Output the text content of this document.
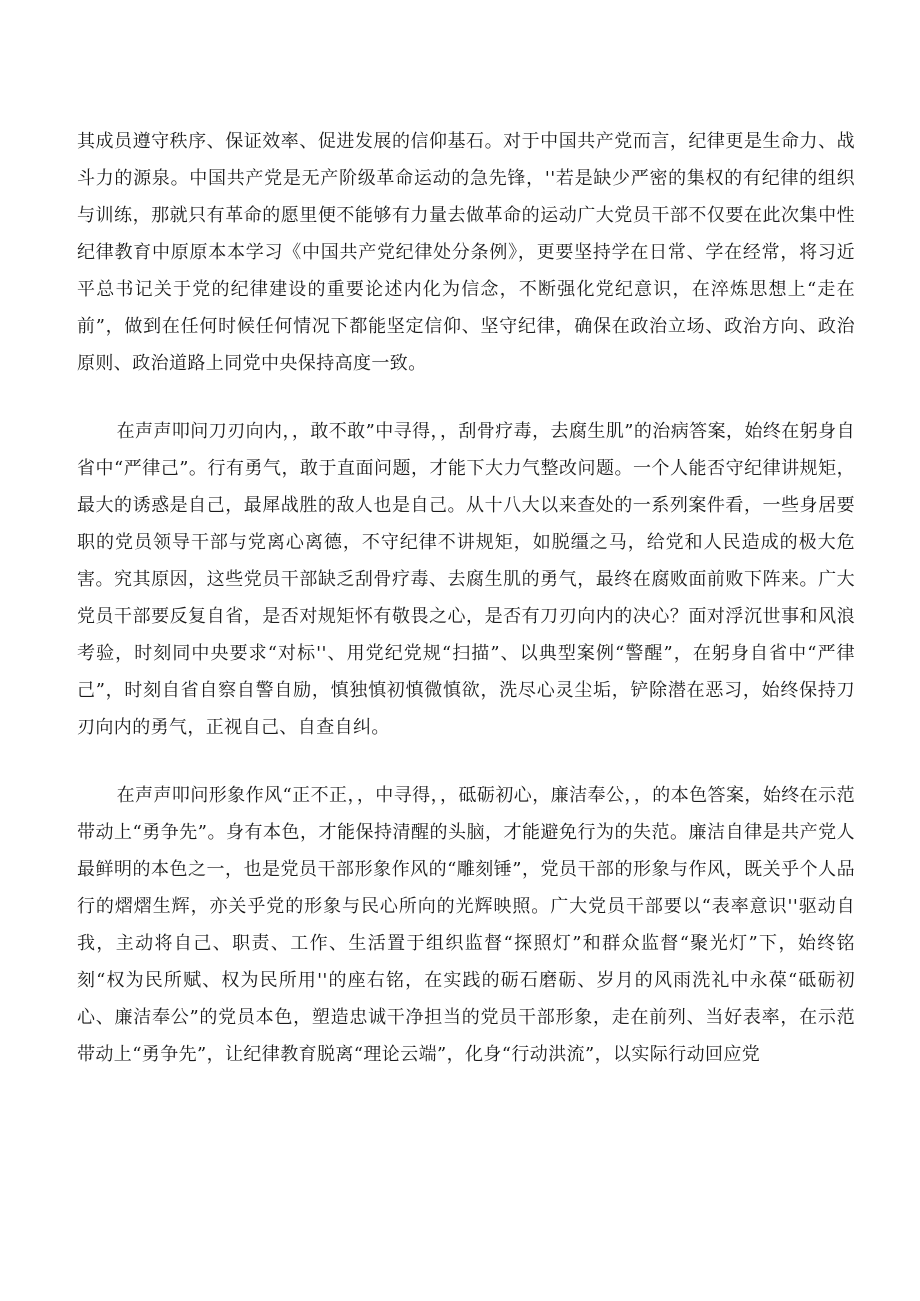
其成员遵守秩序、保证效率、促进发展的信仰基石。对于中国共产党而言，纪律更是生命力、战斗力的源泉。中国共产党是无产阶级革命运动的急先锋，''若是缺少严密的集权的有纪律的组织与训练，那就只有革命的愿里便不能够有力量去做革命的运动广大党员干部不仅要在此次集中性纪律教育中原原本本学习《中国共产党纪律处分条例》，更要坚持学在日常、学在经常，将习近平总书记关于党的纪律建设的重要论述内化为信念，不断强化党纪意识，在淬炼思想上“走在前”，做到在任何时候任何情况下都能坚定信仰、坚守纪律，确保在政治立场、政治方向、政治原则、政治道路上同党中央保持高度一致。

在声声叩问刀刃向内，，敢不敢”中寻得，，刮骨疗毒，去腐生肌”的治病答案，始终在躬身自省中“严律己”。行有勇气，敢于直面问题，才能下大力气整改问题。一个人能否守纪律讲规矩，最大的诱惑是自己，最犀战胜的敌人也是自己。从十八大以来查处的一系列案件看，一些身居要职的党员领导干部与党离心离德，不守纪律不讲规矩，如脱缰之马，给党和人民造成的极大危害。究其原因，这些党员干部缺乏刮骨疗毒、去腐生肌的勇气，最终在腐败面前败下阵来。广大党员干部要反复自省，是否对规矩怀有敬畏之心，是否有刀刃向内的决心？面对浮沉世事和风浪考验，时刻同中央要求“对标''、用党纪党规“扫描”、以典型案例“警醒”，在躬身自省中“严律己”，时刻自省自察自警自励，慎独慎初慎微慎欲，洗尽心灵尘垢，铲除潜在恶习，始终保持刀刃向内的勇气，正视自己、自查自纠。

在声声叩问形象作风“正不正，，中寻得，，砥砺初心，廉洁奉公，，的本色答案，始终在示范带动上“勇争先”。身有本色，才能保持清醒的头脑，才能避免行为的失范。廉洁自律是共产党人最鲜明的本色之一，也是党员干部形象作风的“雕刻锤”，党员干部的形象与作风，既关乎个人品行的熠熠生辉，亦关乎党的形象与民心所向的光辉映照。广大党员干部要以“表率意识''驱动自我，主动将自己、职责、工作、生活置于组织监督“探照灯”和群众监督“聚光灯”下，始终铭刻“权为民所赋、权为民所用''的座右铭，在实践的砺石磨砺、岁月的风雨洗礼中永葆“砥砺初心、廉洁奉公”的党员本色，塑造忠诚干净担当的党员干部形象，走在前列、当好表率，在示范带动上“勇争先”，让纪律教育脱离“理论云端”，化身“行动洪流”，以实际行动回应党
